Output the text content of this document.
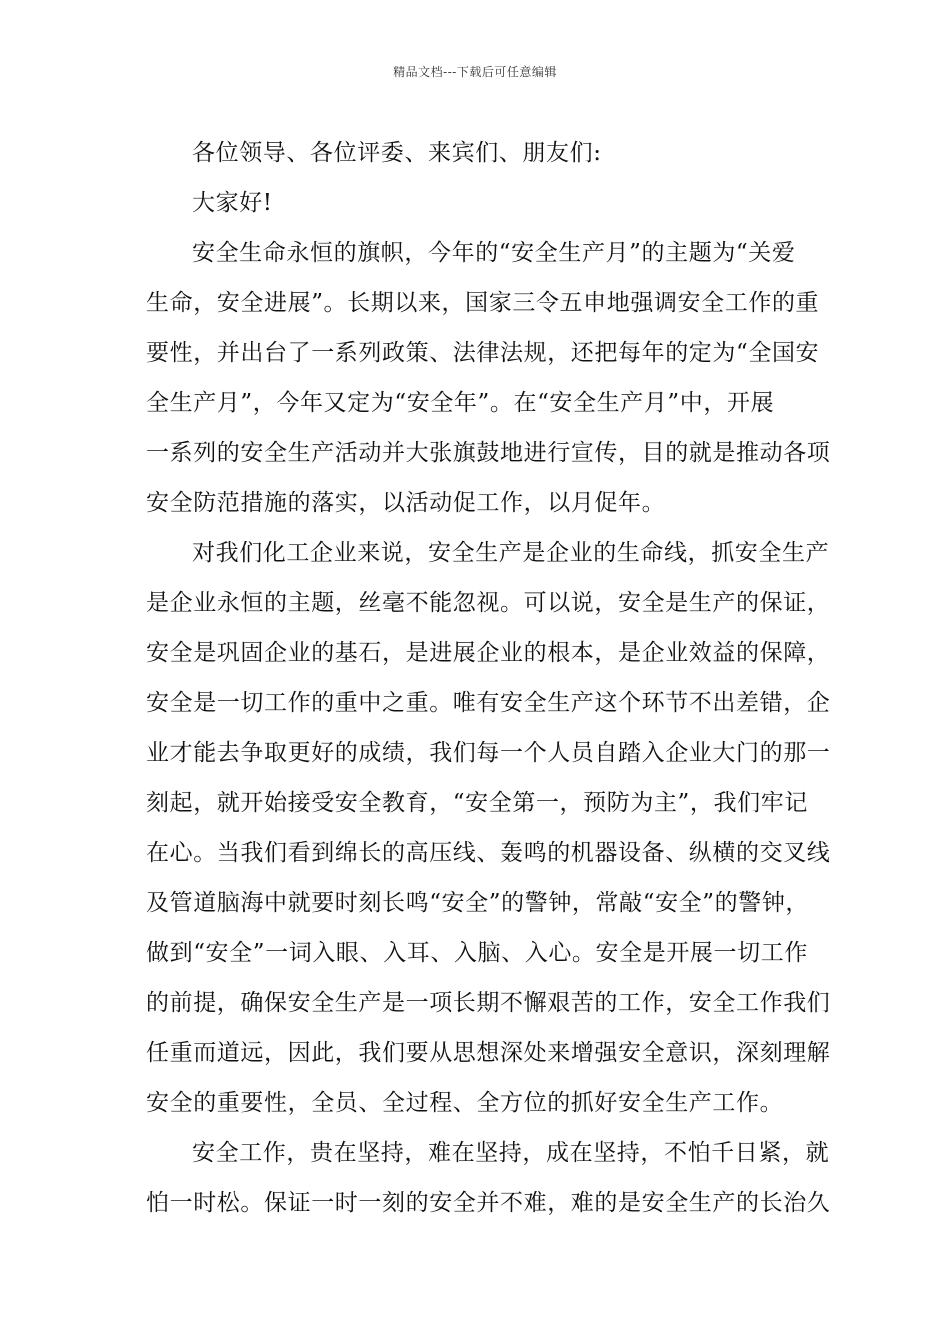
精品文档---下载后可任意编辑
各位领导、各位评委、来宾们、朋友们:
大家好!
安全生命永恒的旗帜，今年的“安全生产月”的主题为“关爱
生命，安全进展”。长期以来，国家三令五申地强调安全工作的重
要性，并出台了一系列政策、法律法规，还把每年的定为“全国安
全生产月”，今年又定为“安全年”。在“安全生产月”中，开展
一系列的安全生产活动并大张旗鼓地进行宣传，目的就是推动各项
安全防范措施的落实，以活动促工作，以月促年。
对我们化工企业来说，安全生产是企业的生命线，抓安全生产
是企业永恒的主题，丝毫不能忽视。可以说，安全是生产的保证，
安全是巩固企业的基石，是进展企业的根本，是企业效益的保障，
安全是一切工作的重中之重。唯有安全生产这个环节不出差错，企
业才能去争取更好的成绩，我们每一个人员自踏入企业大门的那一
刻起，就开始接受安全教育，“安全第一，预防为主”，我们牢记
在心。当我们看到绵长的高压线、轰鸣的机器设备、纵横的交叉线
及管道脑海中就要时刻长鸣“安全”的警钟，常敲“安全”的警钟，
做到“安全”一词入眼、入耳、入脑、入心。安全是开展一切工作
的前提，确保安全生产是一项长期不懈艰苦的工作，安全工作我们
任重而道远，因此，我们要从思想深处来增强安全意识，深刻理解
安全的重要性，全员、全过程、全方位的抓好安全生产工作。
安全工作，贵在坚持，难在坚持，成在坚持，不怕千日紧，就
怕一时松。保证一时一刻的安全并不难，难的是安全生产的长治久
